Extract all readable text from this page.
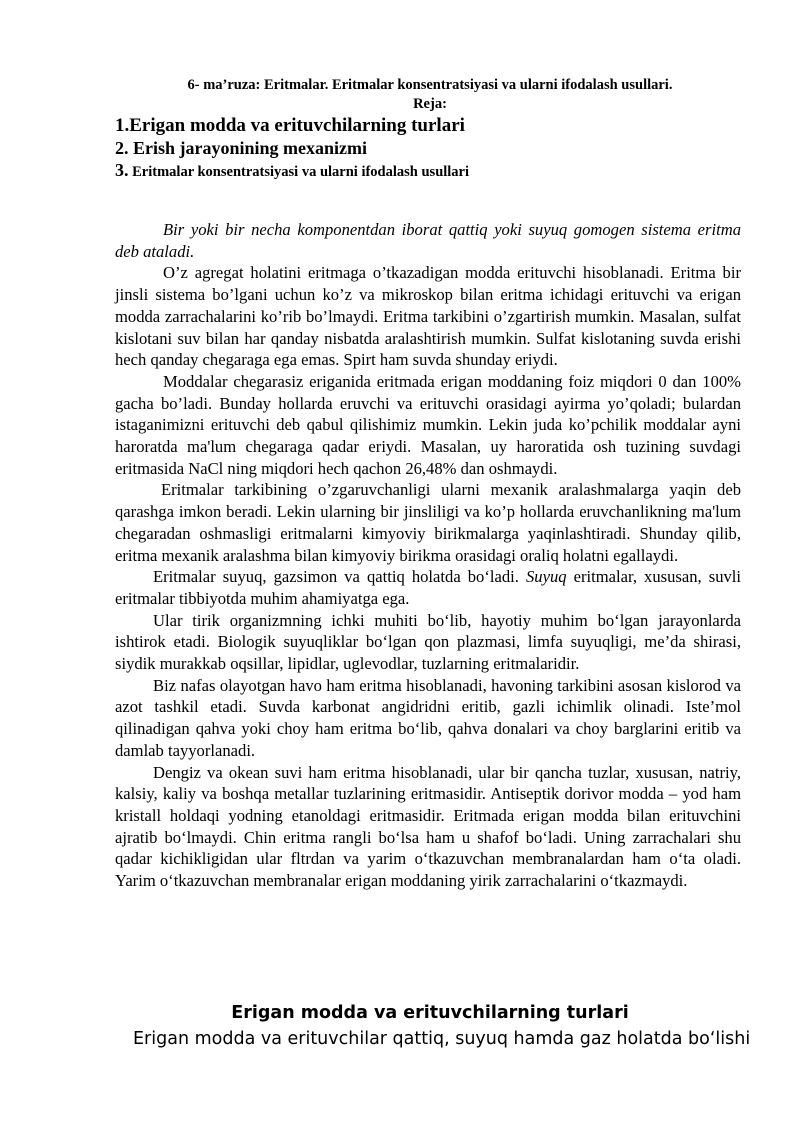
6- ma’ruza: Eritmalar. Eritmalar konsentratsiyasi va ularni ifodalash usullari.
Reja:
1.Erigan modda va erituvchilarning turlari
2. Erish jarayonining mexanizmi
3. Eritmalar konsentratsiyasi va ularni ifodalash usullari

Bir yoki bir necha komponentdan iborat qattiq yoki suyuq gomogen sistema eritma deb ataladi.

O’z agregat holatini eritmaga o’tkazadigan modda erituvchi hisoblanadi. Eritma bir jinsli sistema bo’lgani uchun ko’z va mikroskop bilan eritma ichidagi erituvchi va erigan modda zarrachalarini ko’rib bo’lmaydi. Eritma tarkibini o’zgartirish mumkin. Masalan, sulfat kislotani suv bilan har qanday nisbatda aralashtirish mumkin. Sulfat kislotaning suvda erishi hech qanday chegaraga ega emas. Spirt ham suvda shunday eriydi.

Moddalar chegarasiz eriganida eritmada erigan moddaning foiz miqdori 0 dan 100% gacha bo’ladi. Bunday hollarda eruvchi va erituvchi orasidagi ayirma yo’qoladi; bulardan istaganimizni erituvchi deb qabul qilishimiz mumkin. Lekin juda ko’pchilik moddalar ayni haroratda ma'lum chegaraga qadar eriydi. Masalan, uy haroratida osh tuzining suvdagi eritmasida NaCl ning miqdori hech qachon 26,48% dan oshmaydi.

Eritmalar tarkibining o’zgaruvchanligi ularni mexanik aralashmalarga yaqin deb qarashga imkon beradi. Lekin ularning bir jinsliligi va ko’p hollarda eruvchanlikning ma'lum chegaradan oshmasligi eritmalarni kimyoviy birikmalarga yaqinlashtiradi. Shunday qilib, eritma mexanik aralashma bilan kimyoviy birikma orasidagi oraliq holatni egallaydi.

Eritmalar suyuq, gazsimon va qattiq holatda bo‘ladi. Suyuq eritmalar, xususan, suvli eritmalar tibbiyotda muhim ahamiyatga ega.

Ular tirik organizmning ichki muhiti bo‘lib, hayotiy muhim bo‘lgan jarayonlarda ishtirok etadi. Biologik suyuqliklar bo‘lgan qon plazmasi, limfa suyuqligi, me’da shirasi, siydik murakkab oqsillar, lipidlar, uglevodlar, tuzlarning eritmalaridir.

Biz nafas olayotgan havo ham eritma hisoblanadi, havoning tarkibini asosan kislorod va azot tashkil etadi. Suvda karbonat angidridni eritib, gazli ichimlik olinadi. Iste’mol qilinadigan qahva yoki choy ham eritma bo‘lib, qahva donalari va choy barglarini eritib va damlab tayyorlanadi.

Dengiz va okean suvi ham eritma hisoblanadi, ular bir qancha tuzlar, xususan, natriy, kalsiy, kaliy va boshqa metallar tuzlarining eritmasidir. Antiseptik dorivor modda – yod ham kristall holdaqi yodning etanoldagi eritmasidir. Eritmada erigan modda bilan erituvchini ajratib bo‘lmaydi. Chin eritma rangli bo‘lsa ham u shafof bo‘ladi. Uning zarrachalari shu qadar kichikligidan ular fltrdan va yarim o‘tkazuvchan membranalardan ham o‘ta oladi. Yarim o‘tkazuvchan membranalar erigan moddaning yirik zarrachalarini o‘tkazmaydi.

Erigan modda va erituvchilarning turlari
Erigan modda va erituvchilar qattiq, suyuq hamda gaz holatda bo‘lishi
